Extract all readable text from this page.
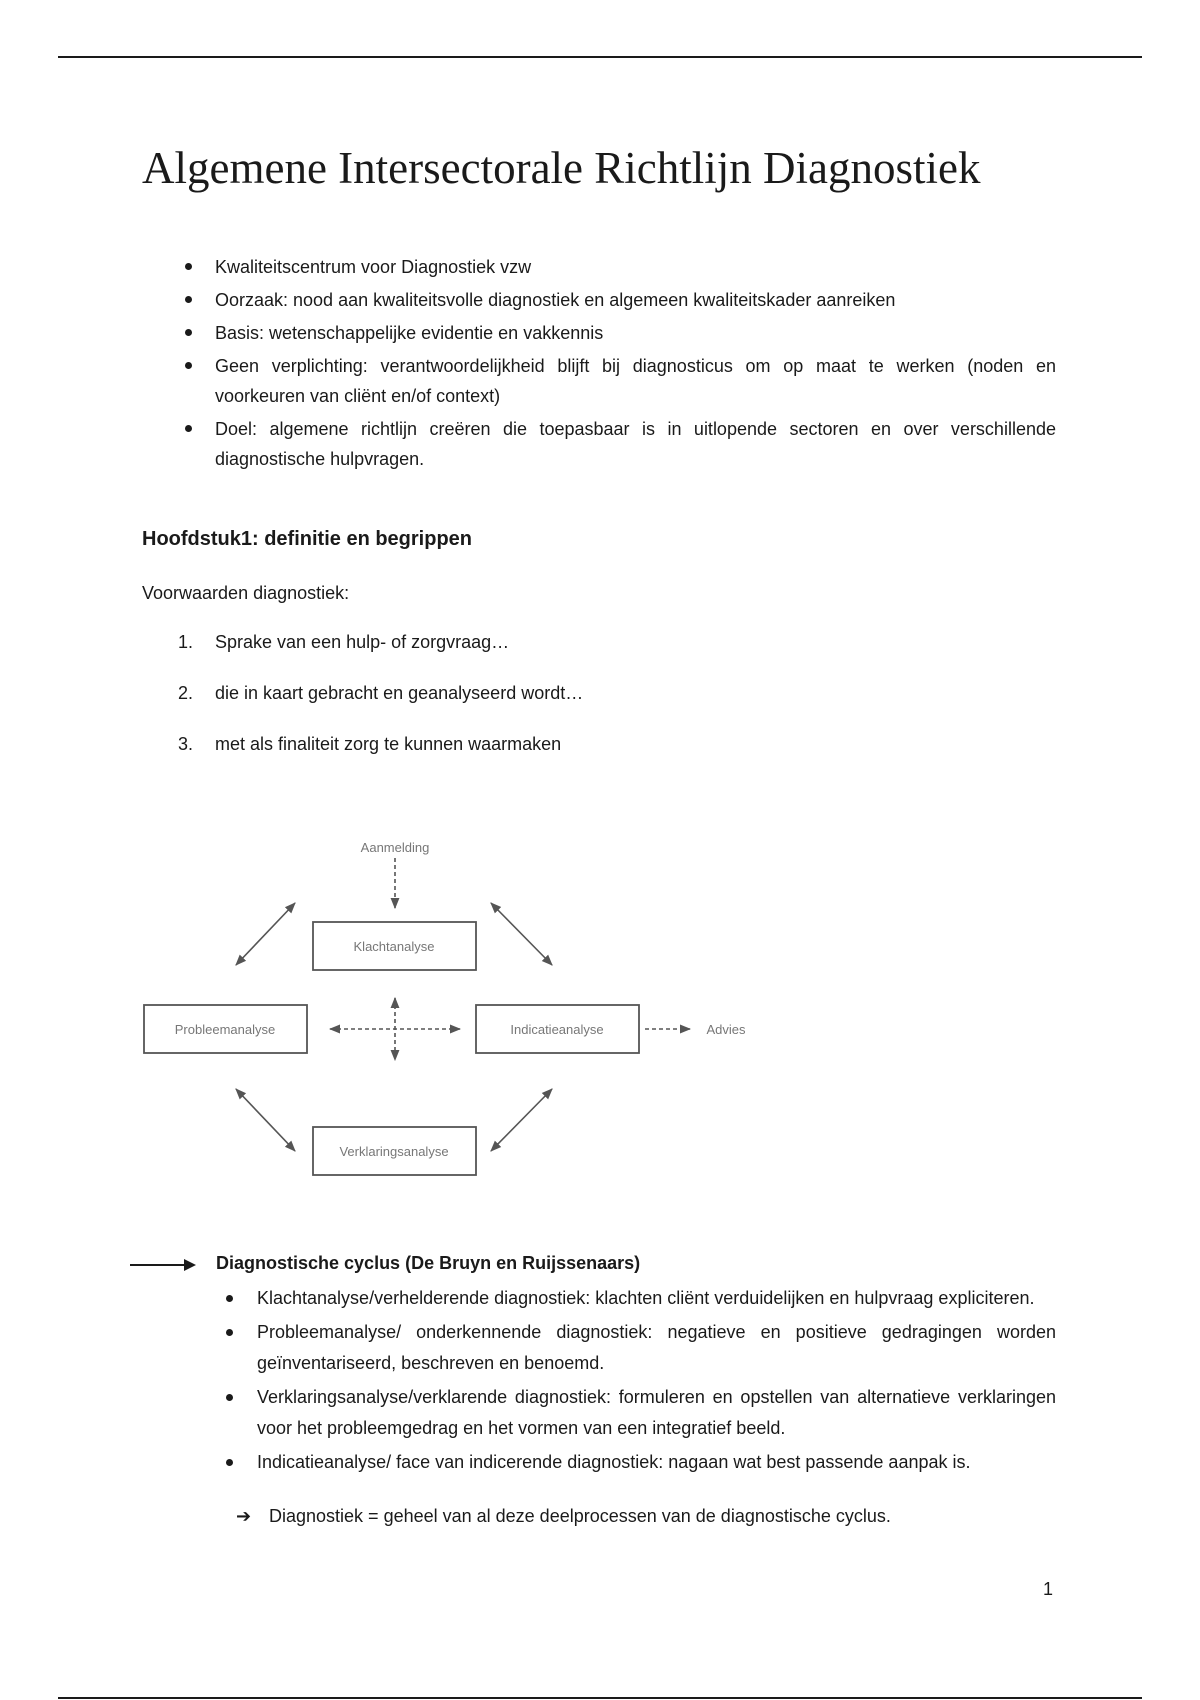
Algemene Intersectorale Richtlijn Diagnostiek
Kwaliteitscentrum voor Diagnostiek vzw
Oorzaak: nood aan kwaliteitsvolle diagnostiek en algemeen kwaliteitskader aanreiken
Basis: wetenschappelijke evidentie en vakkennis
Geen verplichting: verantwoordelijkheid blijft bij diagnosticus om op maat te werken (noden en voorkeuren van cliënt en/of context)
Doel: algemene richtlijn creëren die toepasbaar is in uitlopende sectoren en over verschillende diagnostische hulpvragen.
Hoofdstuk1: definitie en begrippen
Voorwaarden diagnostiek:
1. Sprake van een hulp- of zorgvraag…
2. die in kaart gebracht en geanalyseerd wordt…
3. met als finaliteit zorg te kunnen waarmaken
Aanmelding
Klachtanalyse
Probleemanalyse	Indicatieanalyse
Verklaringsanalyse
Advies
Diagnostische cyclus (De Bruyn en Ruijssenaars)
Klachtanalyse/verhelderende diagnostiek: klachten cliënt verduidelijken en hulpvraag expliciteren.
Probleemanalyse/ onderkennende diagnostiek: negatieve en positieve gedragingen worden geïnventariseerd, beschreven en benoemd.
Verklaringsanalyse/verklarende diagnostiek: formuleren en opstellen van alternatieve verklaringen voor het probleemgedrag en het vormen van een integratief beeld.
Indicatieanalyse/ face van indicerende diagnostiek: nagaan wat best passende aanpak is.
➔ Diagnostiek = geheel van al deze deelprocessen van de diagnostische cyclus.
1
